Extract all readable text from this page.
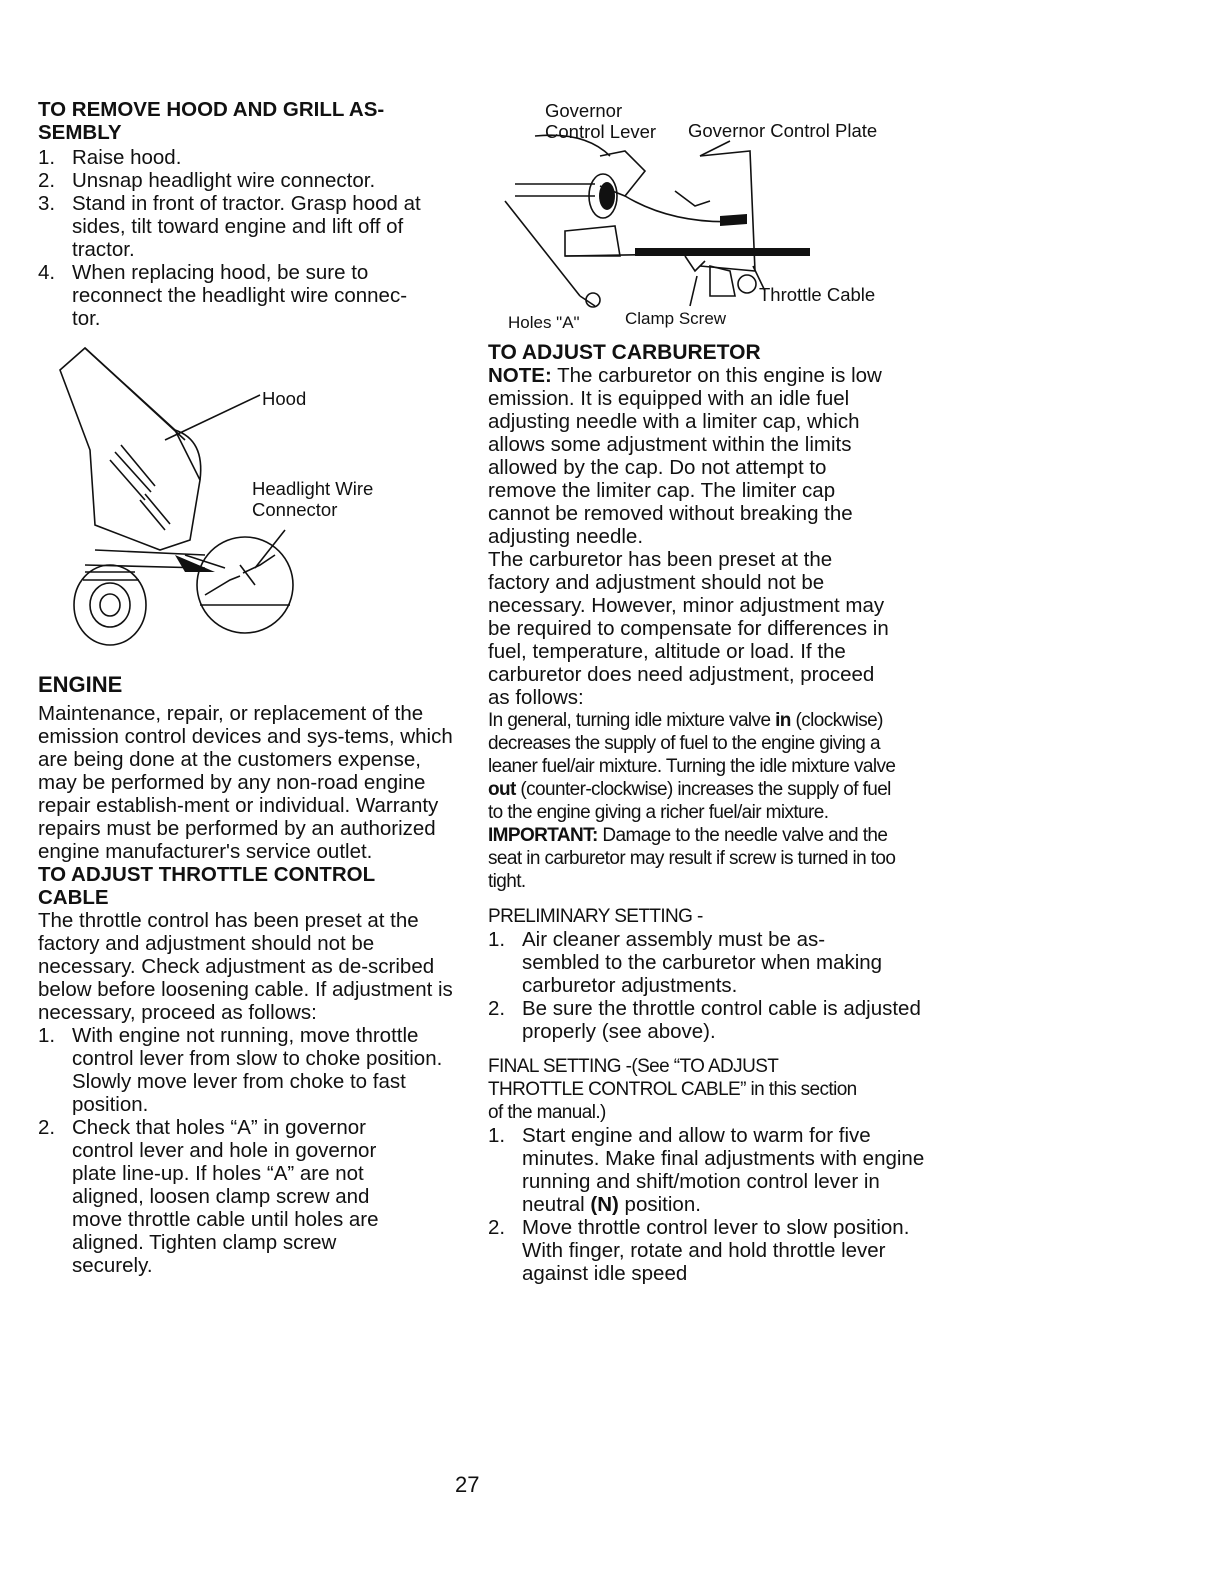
TO REMOVE HOOD AND GRILL AS-SEMBLY

1. Raise hood.
2. Unsnap headlight wire connector.
3. Stand in front of tractor. Grasp hood at sides, tilt toward engine and lift off of tractor.
4. When replacing hood, be sure to reconnect the headlight wire connec-tor.
Hood
Headlight Wire Connector

ENGINE

Maintenance, repair, or replacement of the emission control devices and sys-tems, which are being done at the customers expense, may be performed by any non-road engine repair establish-ment or individual. Warranty repairs must be performed by an authorized engine manufacturer's service outlet.

TO ADJUST THROTTLE CONTROL CABLE

The throttle control has been preset at the factory and adjustment should not be necessary. Check adjustment as de-scribed below before loosening cable. If adjustment is necessary, proceed as follows:

1. With engine not running, move throttle control lever from slow to choke position. Slowly move lever from choke to fast position.
2. Check that holes “A” in governor control lever and hole in governor plate line-up. If holes “A” are not aligned, loosen clamp screw and move throttle cable until holes are aligned. Tighten clamp screw securely.
Governor Control Lever	Governor Control Plate
Throttle Cable
Holes "A"	Clamp Screw

TO ADJUST CARBURETOR

NOTE: The carburetor on this engine is low emission. It is equipped with an idle fuel adjusting needle with a limiter cap, which allows some adjustment within the limits allowed by the cap. Do not attempt to remove the limiter cap. The limiter cap cannot be removed without breaking the adjusting needle.

The carburetor has been preset at the factory and adjustment should not be necessary. However, minor adjustment may be required to compensate for differences in fuel, temperature, altitude or load. If the carburetor does need adjustment, proceed as follows:

In general, turning idle mixture valve in (clockwise) decreases the supply of fuel to the engine giving a leaner fuel/air mixture. Turning the idle mixture valve out (counter-clockwise) increases the supply of fuel to the engine giving a richer fuel/air mixture.

IMPORTANT: Damage to the needle valve and the seat in carburetor may result if screw is turned in too tight.

PRELIMINARY SETTING -

1. Air cleaner assembly must be as-sembled to the carburetor when making carburetor adjustments.
2. Be sure the throttle control cable is adjusted properly (see above).

FINAL SETTING -(See “TO ADJUST THROTTLE CONTROL CABLE” in this section of the manual.)

1. Start engine and allow to warm for five minutes. Make final adjustments with engine running and shift/motion control lever in neutral (N) position.
2. Move throttle control lever to slow position. With finger, rotate and hold throttle lever against idle speed
27
